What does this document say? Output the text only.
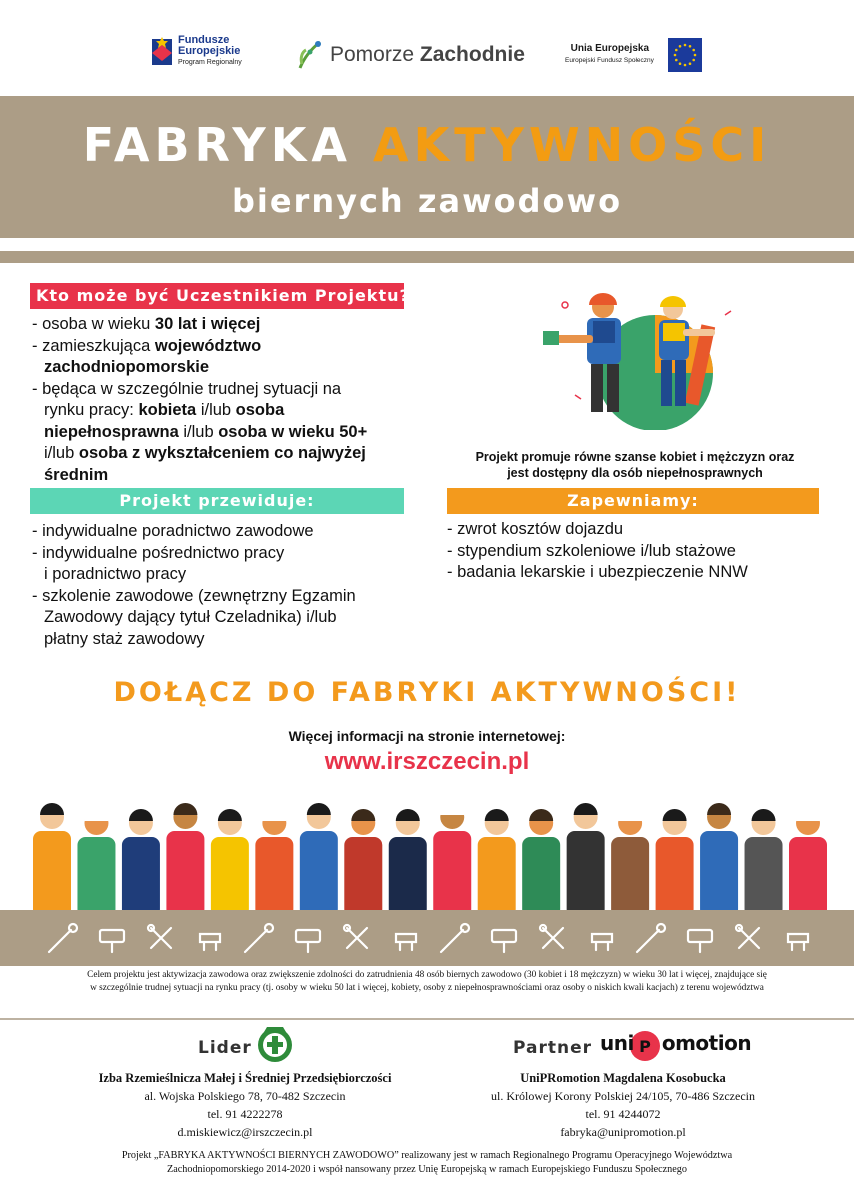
Fundusze
Europejskie
Program Regionalny	Pomorze Zachodnie	Unia Europejska
Europejski Fundusz Społeczny
FABRYKA AKTYWNOŚCI
biernych zawodowo
Kto może być Uczestnikiem Projektu?
- osoba w wieku 30 lat i więcej
- zamieszkująca województwo
zachodniopomorskie
- będąca w szczególnie trudnej sytuacji na
rynku pracy: kobieta i/lub osoba
niepełnosprawna i/lub osoba w wieku 50+
i/lub osoba z wykształceniem co najwyżej
średnim
Projekt promuje równe szanse kobiet i mężczyzn oraz
jest dostępny dla osób niepełnosprawnych
Projekt przewiduje:
- indywidualne poradnictwo zawodowe
- indywidualne pośrednictwo pracy
i poradnictwo pracy
- szkolenie zawodowe (zewnętrzny Egzamin
Zawodowy dający tytuł Czeladnika) i/lub
płatny staż zawodowy
Zapewniamy:
- zwrot kosztów dojazdu
- stypendium szkoleniowe i/lub stażowe
- badania lekarskie i ubezpieczenie NNW
DOŁĄCZ DO FABRYKI AKTYWNOŚCI!
Więcej informacji na stronie internetowej:
www.irszczecin.pl
Celem projektu jest aktywizacja zawodowa oraz zwiększenie zdolności do zatrudnienia 48 osób biernych zawodowo (30 kobiet i 18 mężczyzn) w wieku 30 lat i więcej, znajdujące się
w szczególnie trudnej sytuacji na rynku pracy (tj. osoby w wieku 50 lat i więcej, kobiety, osoby z niepełnosprawnościami oraz osoby o niskich kwali kacjach) z terenu województwa
Lider	Partner	P
uni omotion
Izba Rzemieślnicza Małej i Średniej Przedsiębiorczości
al. Wojska Polskiego 78, 70-482 Szczecin
tel. 91 4222278
d.miskiewicz@irszczecin.pl
UniPRomotion Magdalena Kosobucka
ul. Królowej Korony Polskiej 24/105, 70-486 Szczecin
tel. 91 4244072
fabryka@unipromotion.pl
Projekt „FABRYKA AKTYWNOŚCI BIERNYCH ZAWODOWO” realizowany jest w ramach Regionalnego Programu Operacyjnego Województwa
Zachodniopomorskiego 2014-2020 i współ nansowany przez Unię Europejską w ramach Europejskiego Funduszu Społecznego
